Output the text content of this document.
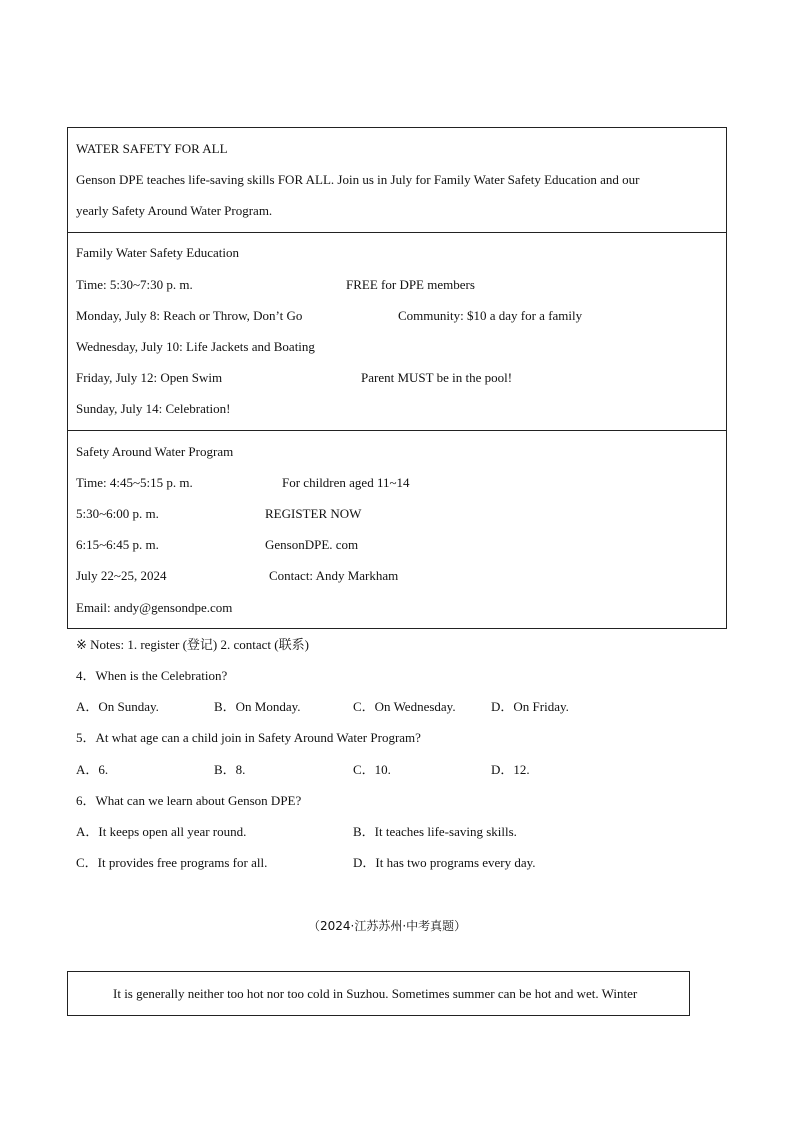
WATER SAFETY FOR ALL
Genson DPE teaches life-saving skills FOR ALL. Join us in July for Family Water Safety Education and our
yearly Safety Around Water Program.
Family Water Safety Education
Time: 5:30~7:30 p. m.	FREE for DPE members
Monday, July 8: Reach or Throw, Don’t Go	Community: $10 a day for a family
Wednesday, July 10: Life Jackets and Boating
Friday, July 12: Open Swim	Parent MUST be in the pool!
Sunday, July 14: Celebration!
Safety Around Water Program
Time: 4:45~5:15 p. m.	For children aged 11~14
5:30~6:00 p. m.	REGISTER NOW
6:15~6:45 p. m.	GensonDPE. com
July 22~25, 2024	Contact: Andy Markham
Email: andy@gensondpe.com
※ Notes: 1. register (登记) 2. contact (联系)
4．When is the Celebration?
A．On Sunday.	B．On Monday.	C．On Wednesday.	D．On Friday.
5．At what age can a child join in Safety Around Water Program?
A．6.	B．8.	C．10.	D．12.
6．What can we learn about Genson DPE?
A．It keeps open all year round.	B．It teaches life-saving skills.
C．It provides free programs for all.	D．It has two programs every day.
（2024·江苏苏州·中考真题）
It is generally neither too hot nor too cold in Suzhou. Sometimes summer can be hot and wet. Winter
